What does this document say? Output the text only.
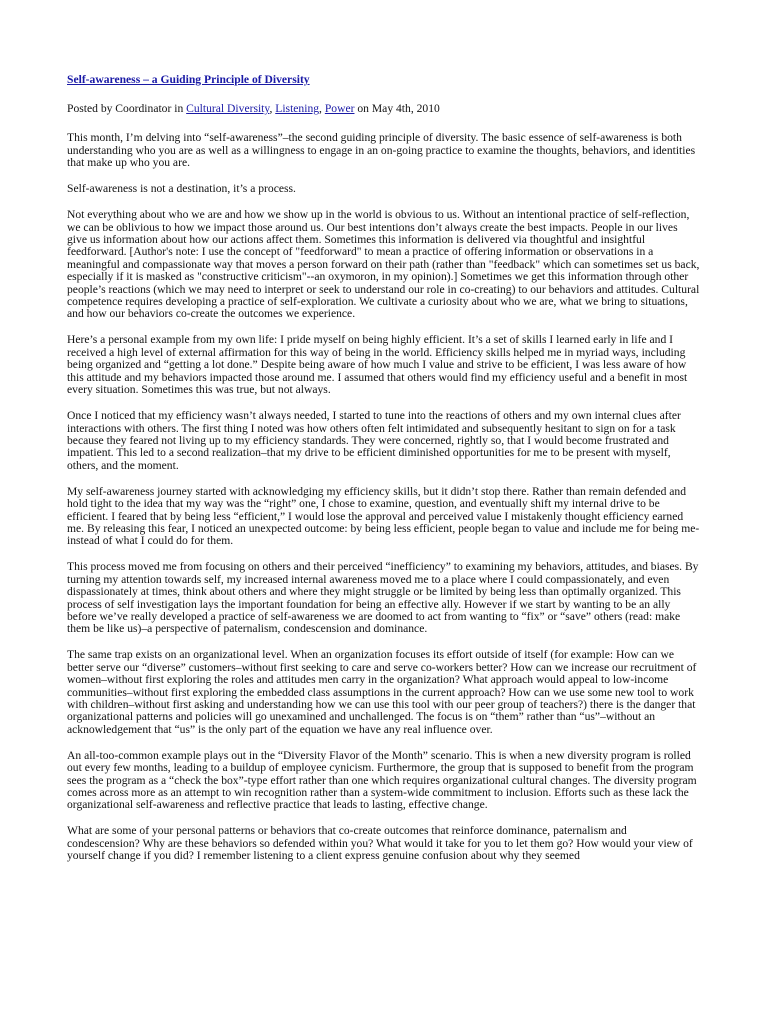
Self-awareness – a Guiding Principle of Diversity
Posted by Coordinator in Cultural Diversity, Listening, Power on May 4th, 2010

This month, I’m delving into “self-awareness”–the second guiding principle of diversity. The basic essence of self-awareness is both understanding who you are as well as a willingness to engage in an on-going practice to examine the thoughts, behaviors, and identities that make up who you are.

Self-awareness is not a destination, it’s a process.

Not everything about who we are and how we show up in the world is obvious to us. Without an intentional practice of self-reflection, we can be oblivious to how we impact those around us. Our best intentions don’t always create the best impacts. People in our lives give us information about how our actions affect them. Sometimes this information is delivered via thoughtful and insightful feedforward. [Author's note: I use the concept of "feedforward" to mean a practice of offering information or observations in a meaningful and compassionate way that moves a person forward on their path (rather than "feedback" which can sometimes set us back, especially if it is masked as "constructive criticism"--an oxymoron, in my opinion).] Sometimes we get this information through other people’s reactions (which we may need to interpret or seek to understand our role in co-creating) to our behaviors and attitudes. Cultural competence requires developing a practice of self-exploration. We cultivate a curiosity about who we are, what we bring to situations, and how our behaviors co-create the outcomes we experience.

Here’s a personal example from my own life: I pride myself on being highly efficient. It’s a set of skills I learned early in life and I received a high level of external affirmation for this way of being in the world. Efficiency skills helped me in myriad ways, including being organized and “getting a lot done.” Despite being aware of how much I value and strive to be efficient, I was less aware of how this attitude and my behaviors impacted those around me. I assumed that others would find my efficiency useful and a benefit in most every situation. Sometimes this was true, but not always.

Once I noticed that my efficiency wasn’t always needed, I started to tune into the reactions of others and my own internal clues after interactions with others. The first thing I noted was how others often felt intimidated and subsequently hesitant to sign on for a task because they feared not living up to my efficiency standards. They were concerned, rightly so, that I would become frustrated and impatient. This led to a second realization–that my drive to be efficient diminished opportunities for me to be present with myself, others, and the moment.

My self-awareness journey started with acknowledging my efficiency skills, but it didn’t stop there. Rather than remain defended and hold tight to the idea that my way was the “right” one, I chose to examine, question, and eventually shift my internal drive to be efficient. I feared that by being less “efficient,” I would lose the approval and perceived value I mistakenly thought efficiency earned me. By releasing this fear, I noticed an unexpected outcome: by being less efficient, people began to value and include me for being me-instead of what I could do for them.

This process moved me from focusing on others and their perceived “inefficiency” to examining my behaviors, attitudes, and biases. By turning my attention towards self, my increased internal awareness moved me to a place where I could compassionately, and even dispassionately at times, think about others and where they might struggle or be limited by being less than optimally organized. This process of self investigation lays the important foundation for being an effective ally. However if we start by wanting to be an ally before we’ve really developed a practice of self-awareness we are doomed to act from wanting to “fix” or “save” others (read: make them be like us)–a perspective of paternalism, condescension and dominance.

The same trap exists on an organizational level. When an organization focuses its effort outside of itself (for example: How can we better serve our “diverse” customers–without first seeking to care and serve co-workers better? How can we increase our recruitment of women–without first exploring the roles and attitudes men carry in the organization? What approach would appeal to low-income communities–without first exploring the embedded class assumptions in the current approach? How can we use some new tool to work with children–without first asking and understanding how we can use this tool with our peer group of teachers?) there is the danger that organizational patterns and policies will go unexamined and unchallenged. The focus is on “them” rather than “us”–without an acknowledgement that “us” is the only part of the equation we have any real influence over.

An all-too-common example plays out in the “Diversity Flavor of the Month” scenario. This is when a new diversity program is rolled out every few months, leading to a buildup of employee cynicism. Furthermore, the group that is supposed to benefit from the program sees the program as a “check the box”-type effort rather than one which requires organizational cultural changes. The diversity program comes across more as an attempt to win recognition rather than a system-wide commitment to inclusion. Efforts such as these lack the organizational self-awareness and reflective practice that leads to lasting, effective change.

What are some of your personal patterns or behaviors that co-create outcomes that reinforce dominance, paternalism and condescension? Why are these behaviors so defended within you? What would it take for you to let them go? How would your view of yourself change if you did? I remember listening to a client express genuine confusion about why they seemed
